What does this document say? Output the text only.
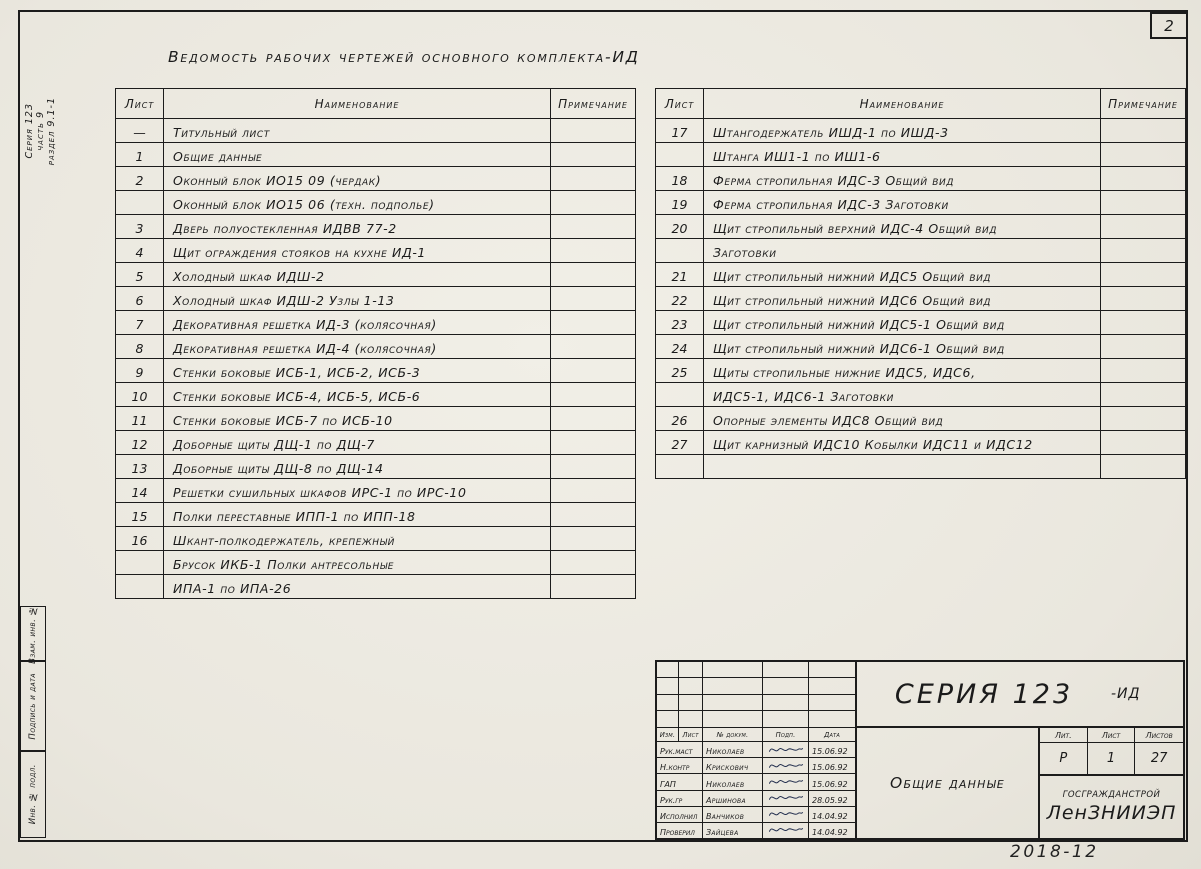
2
Ведомость рабочих чертежей основного комплекта-ИД
Серия 123 часть 9 раздел 9.1-1	Лист	Наименование	Примечание
—	Титульный лист	
1	Общие данные	
2	Оконный блок ИО15 09 (чердак)	
	Оконный блок ИО15 06 (техн. подполье)	
3	Дверь полуостекленная ИДВВ 77-2	
4	Щит ограждения стояков на кухне ИД-1	
5	Холодный шкаф ИДШ-2	
6	Холодный шкаф ИДШ-2 Узлы 1-13	
7	Декоративная решетка ИД-3 (колясочная)	
8	Декоративная решетка ИД-4 (колясочная)	
9	Стенки боковые ИСБ-1, ИСБ-2, ИСБ-3	
10	Стенки боковые ИСБ-4, ИСБ-5, ИСБ-6	
11	Стенки боковые ИСБ-7 по ИСБ-10	
12	Доборные щиты ДЩ-1 по ДЩ-7	
13	Доборные щиты ДЩ-8 по ДЩ-14	
14	Решетки сушильных шкафов ИРС-1 по ИРС-10	
15	Полки переставные ИПП-1 по ИПП-18	
16	Шкант-полкодержатель, крепежный	
	Брусок ИКБ-1 Полки антресольные	
	ИПА-1 по ИПА-26	
Лист	Наименование	Примечание
17	Штангодержатель ИШД-1 по ИШД-3	
	Штанга ИШ1-1 по ИШ1-6	
18	Ферма стропильная ИДС-3 Общий вид	
19	Ферма стропильная ИДС-3 Заготовки	
20	Щит стропильный верхний ИДС-4 Общий вид	
	Заготовки	
21	Щит стропильный нижний ИДС5 Общий вид	
22	Щит стропильный нижний ИДС6 Общий вид	
23	Щит стропильный нижний ИДС5-1 Общий вид	
24	Щит стропильный нижний ИДС6-1 Общий вид	
25	Щиты стропильные нижние ИДС5, ИДС6,	
	ИДС5-1, ИДС6-1 Заготовки	
26	Опорные элементы ИДС8 Общий вид	
27	Щит карнизный ИДС10 Кобылки ИДС11 и ИДС12	

Взам. инв. №
Подпись и дата
Инв. № подл.
Изм.	Лист	№ докум.	Подп.	Дата
Рук.маст	Николаев	15.06.92
Н.контр	Крискович	15.06.92
ГАП	Николаев	15.06.92
Рук.гр	Аршинова	28.05.92
Исполнил	Ванчиков	14.04.92
Проверил	Зайцева	14.04.92
СЕРИЯ 123	-ИД
Общие данные
Лит.	Лист	Листов
Р	1	27
ГОСГРАЖДАНСТРОЙ
ЛенЗНИИЭП
2018-12
